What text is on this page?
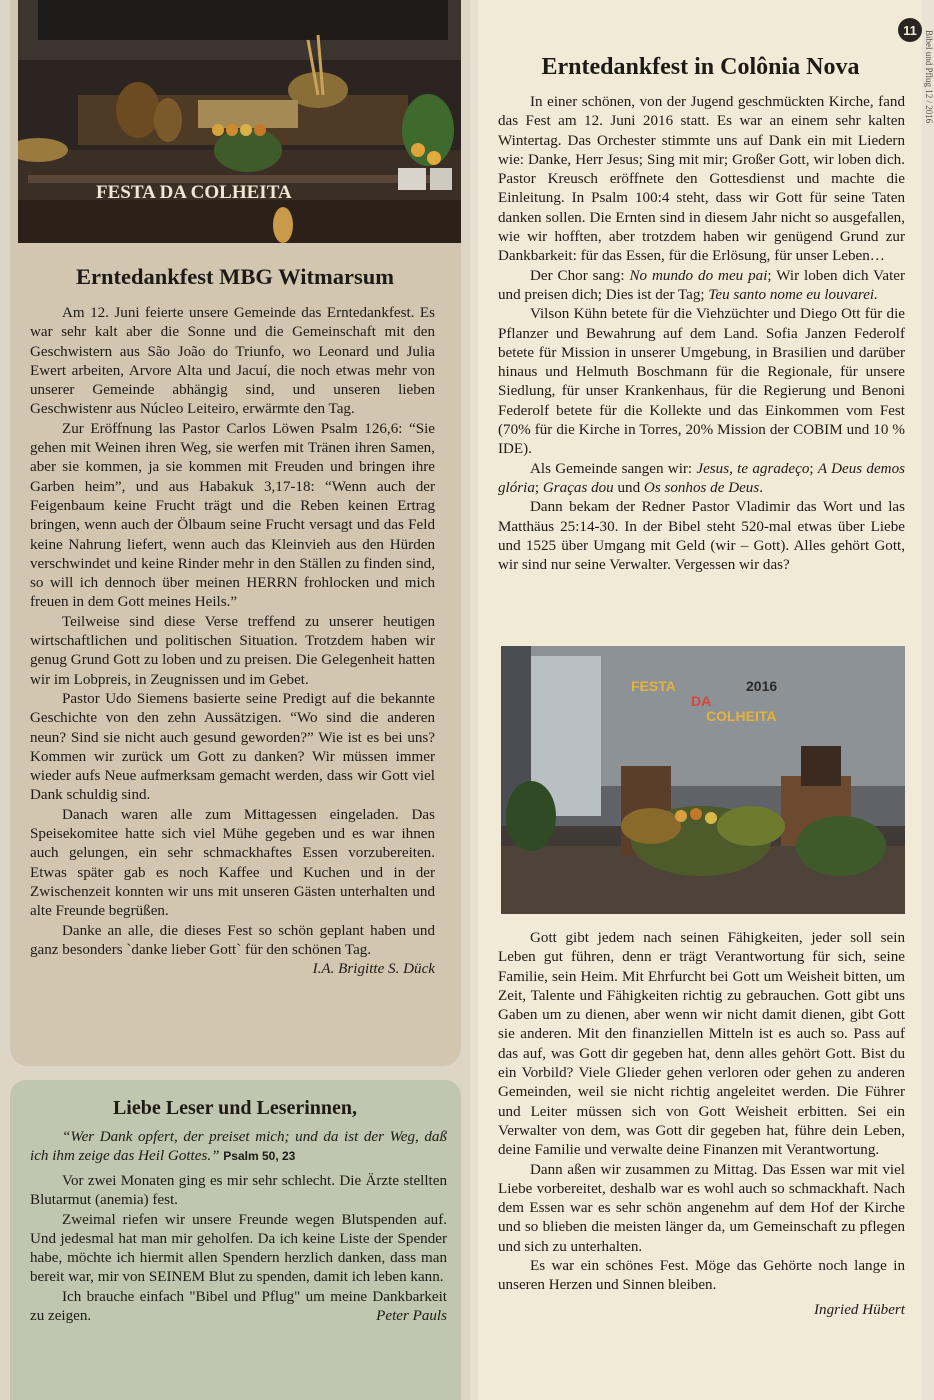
Bibel und Pflug 12 / 2016
11
FESTA DA COLHEITA
Erntedankfest MBG Witmarsum

Am 12. Juni feierte unsere Gemeinde das Erntedankfest. Es war sehr kalt aber die Sonne und die Gemeinschaft mit den Geschwistern aus São João do Triunfo, wo Leonard und Julia Ewert arbeiten, Arvore Alta und Jacuí, die noch etwas mehr von unserer Gemeinde abhängig sind, und unseren lieben Geschwistenr aus Núcleo Leiteiro, erwärmte den Tag.

Zur Eröffnung las Pastor Carlos Löwen Psalm 126,6: “Sie gehen mit Weinen ihren Weg, sie werfen mit Tränen ihren Samen, aber sie kommen, ja sie kommen mit Freuden und bringen ihre Garben heim”, und aus Habakuk 3,17-18: “Wenn auch der Feigenbaum keine Frucht trägt und die Reben keinen Ertrag bringen, wenn auch der Ölbaum seine Frucht versagt und das Feld keine Nahrung liefert, wenn auch das Kleinvieh aus den Hürden verschwindet und keine Rinder mehr in den Ställen zu finden sind, so will ich dennoch über meinen HERRN frohlocken und mich freuen in dem Gott meines Heils.”

Teilweise sind diese Verse treffend zu unserer heutigen wirtschaftlichen und politischen Situation. Trotzdem haben wir genug Grund Gott zu loben und zu preisen. Die Gelegenheit hatten wir im Lobpreis, in Zeugnissen und im Gebet.

Pastor Udo Siemens basierte seine Predigt auf die bekannte Geschichte von den zehn Aussätzigen. “Wo sind die anderen neun? Sind sie nicht auch gesund geworden?” Wie ist es bei uns? Kommen wir zurück um Gott zu danken? Wir müssen immer wieder aufs Neue aufmerksam gemacht werden, dass wir Gott viel Dank schuldig sind.

Danach waren alle zum Mittagessen eingeladen. Das Speisekomitee hatte sich viel Mühe gegeben und es war ihnen auch gelungen, ein sehr schmackhaftes Essen vorzubereiten. Etwas später gab es noch Kaffee und Kuchen und in der Zwischenzeit konnten wir uns mit unseren Gästen unterhalten und alte Freunde begrüßen.

Danke an alle, die dieses Fest so schön geplant haben und ganz besonders `danke lieber Gott` für den schönen Tag.
I.A. Brigitte S. Dück

Erntedankfest in Colônia Nova

In einer schönen, von der Jugend geschmückten Kirche, fand das Fest am 12. Juni 2016 statt. Es war an einem sehr kalten Wintertag. Das Orchester stimmte uns auf Dank ein mit Liedern wie: Danke, Herr Jesus; Sing mit mir; Großer Gott, wir loben dich. Pastor Kreusch eröffnete den Gottesdienst und machte die Einleitung. In Psalm 100:4 steht, dass wir Gott für seine Taten danken sollen. Die Ernten sind in diesem Jahr nicht so ausgefallen, wie wir hofften, aber trotzdem haben wir genügend Grund zur Dankbarkeit: für das Essen, für die Erlösung, für unser Leben…

Der Chor sang: No mundo do meu pai; Wir loben dich Vater und preisen dich; Dies ist der Tag; Teu santo nome eu louvarei.

Vilson Kühn betete für die Viehzüchter und Diego Ott für die Pflanzer und Bewahrung auf dem Land. Sofia Janzen Federolf betete für Mission in unserer Umgebung, in Brasilien und darüber hinaus und Helmuth Boschmann für die Regionale, für unsere Siedlung, für unser Krankenhaus, für die Regierung und Benoni Federolf betete für die Kollekte und das Einkommen vom Fest (70% für die Kirche in Torres, 20% Mission der COBIM und 10 % IDE).

Als Gemeinde sangen wir: Jesus, te agradeço; A Deus demos glória; Graças dou und Os sonhos de Deus.

Dann bekam der Redner Pastor Vladimir das Wort und las Matthäus 25:14-30. In der Bibel steht 520-mal etwas über Liebe und 1525 über Umgang mit Geld (wir – Gott). Alles gehört Gott, wir sind nur seine Verwalter. Vergessen wir das?

FESTA
DA
COLHEITA
2016

Gott gibt jedem nach seinen Fähigkeiten, jeder soll sein Leben gut führen, denn er trägt Verantwortung für sich, seine Familie, sein Heim. Mit Ehrfurcht bei Gott um Weisheit bitten, um Zeit, Talente und Fähigkeiten richtig zu gebrauchen. Gott gibt uns Gaben um zu dienen, aber wenn wir nicht damit dienen, gibt Gott sie anderen. Mit den finanziellen Mitteln ist es auch so. Pass auf das auf, was Gott dir gegeben hat, denn alles gehört Gott. Bist du ein Vorbild? Viele Glieder gehen verloren oder gehen zu anderen Gemeinden, weil sie nicht richtig angeleitet werden. Die Führer und Leiter müssen sich von Gott Weisheit erbitten. Sei ein Verwalter von dem, was Gott dir gegeben hat, führe dein Leben, deine Familie und verwalte deine Finanzen mit Verantwortung.

Dann aßen wir zusammen zu Mittag. Das Essen war mit viel Liebe vorbereitet, deshalb war es wohl auch so schmackhaft. Nach dem Essen war es sehr schön angenehm auf dem Hof der Kirche und so blieben die meisten länger da, um Gemeinschaft zu pflegen und sich zu unterhalten.

Es war ein schönes Fest. Möge das Gehörte noch lange in unseren Herzen und Sinnen bleiben.

Ingried Hübert
Liebe Leser und Leserinnen,

“Wer Dank opfert, der preiset mich; und da ist der Weg, daß ich ihm zeige das Heil Gottes.” Psalm 50, 23

Vor zwei Monaten ging es mir sehr schlecht. Die Ärzte stellten Blutarmut (anemia) fest.

Zweimal riefen wir unsere Freunde wegen Blutspenden auf. Und jedesmal hat man mir geholfen. Da ich keine Liste der Spender habe, möchte ich hiermit allen Spendern herzlich danken, dass man bereit war, mir von SEINEM Blut zu spenden, damit ich leben kann.

Ich brauche einfach "Bibel und Pflug" um meine Dankbarkeit zu zeigen.	Peter Pauls
